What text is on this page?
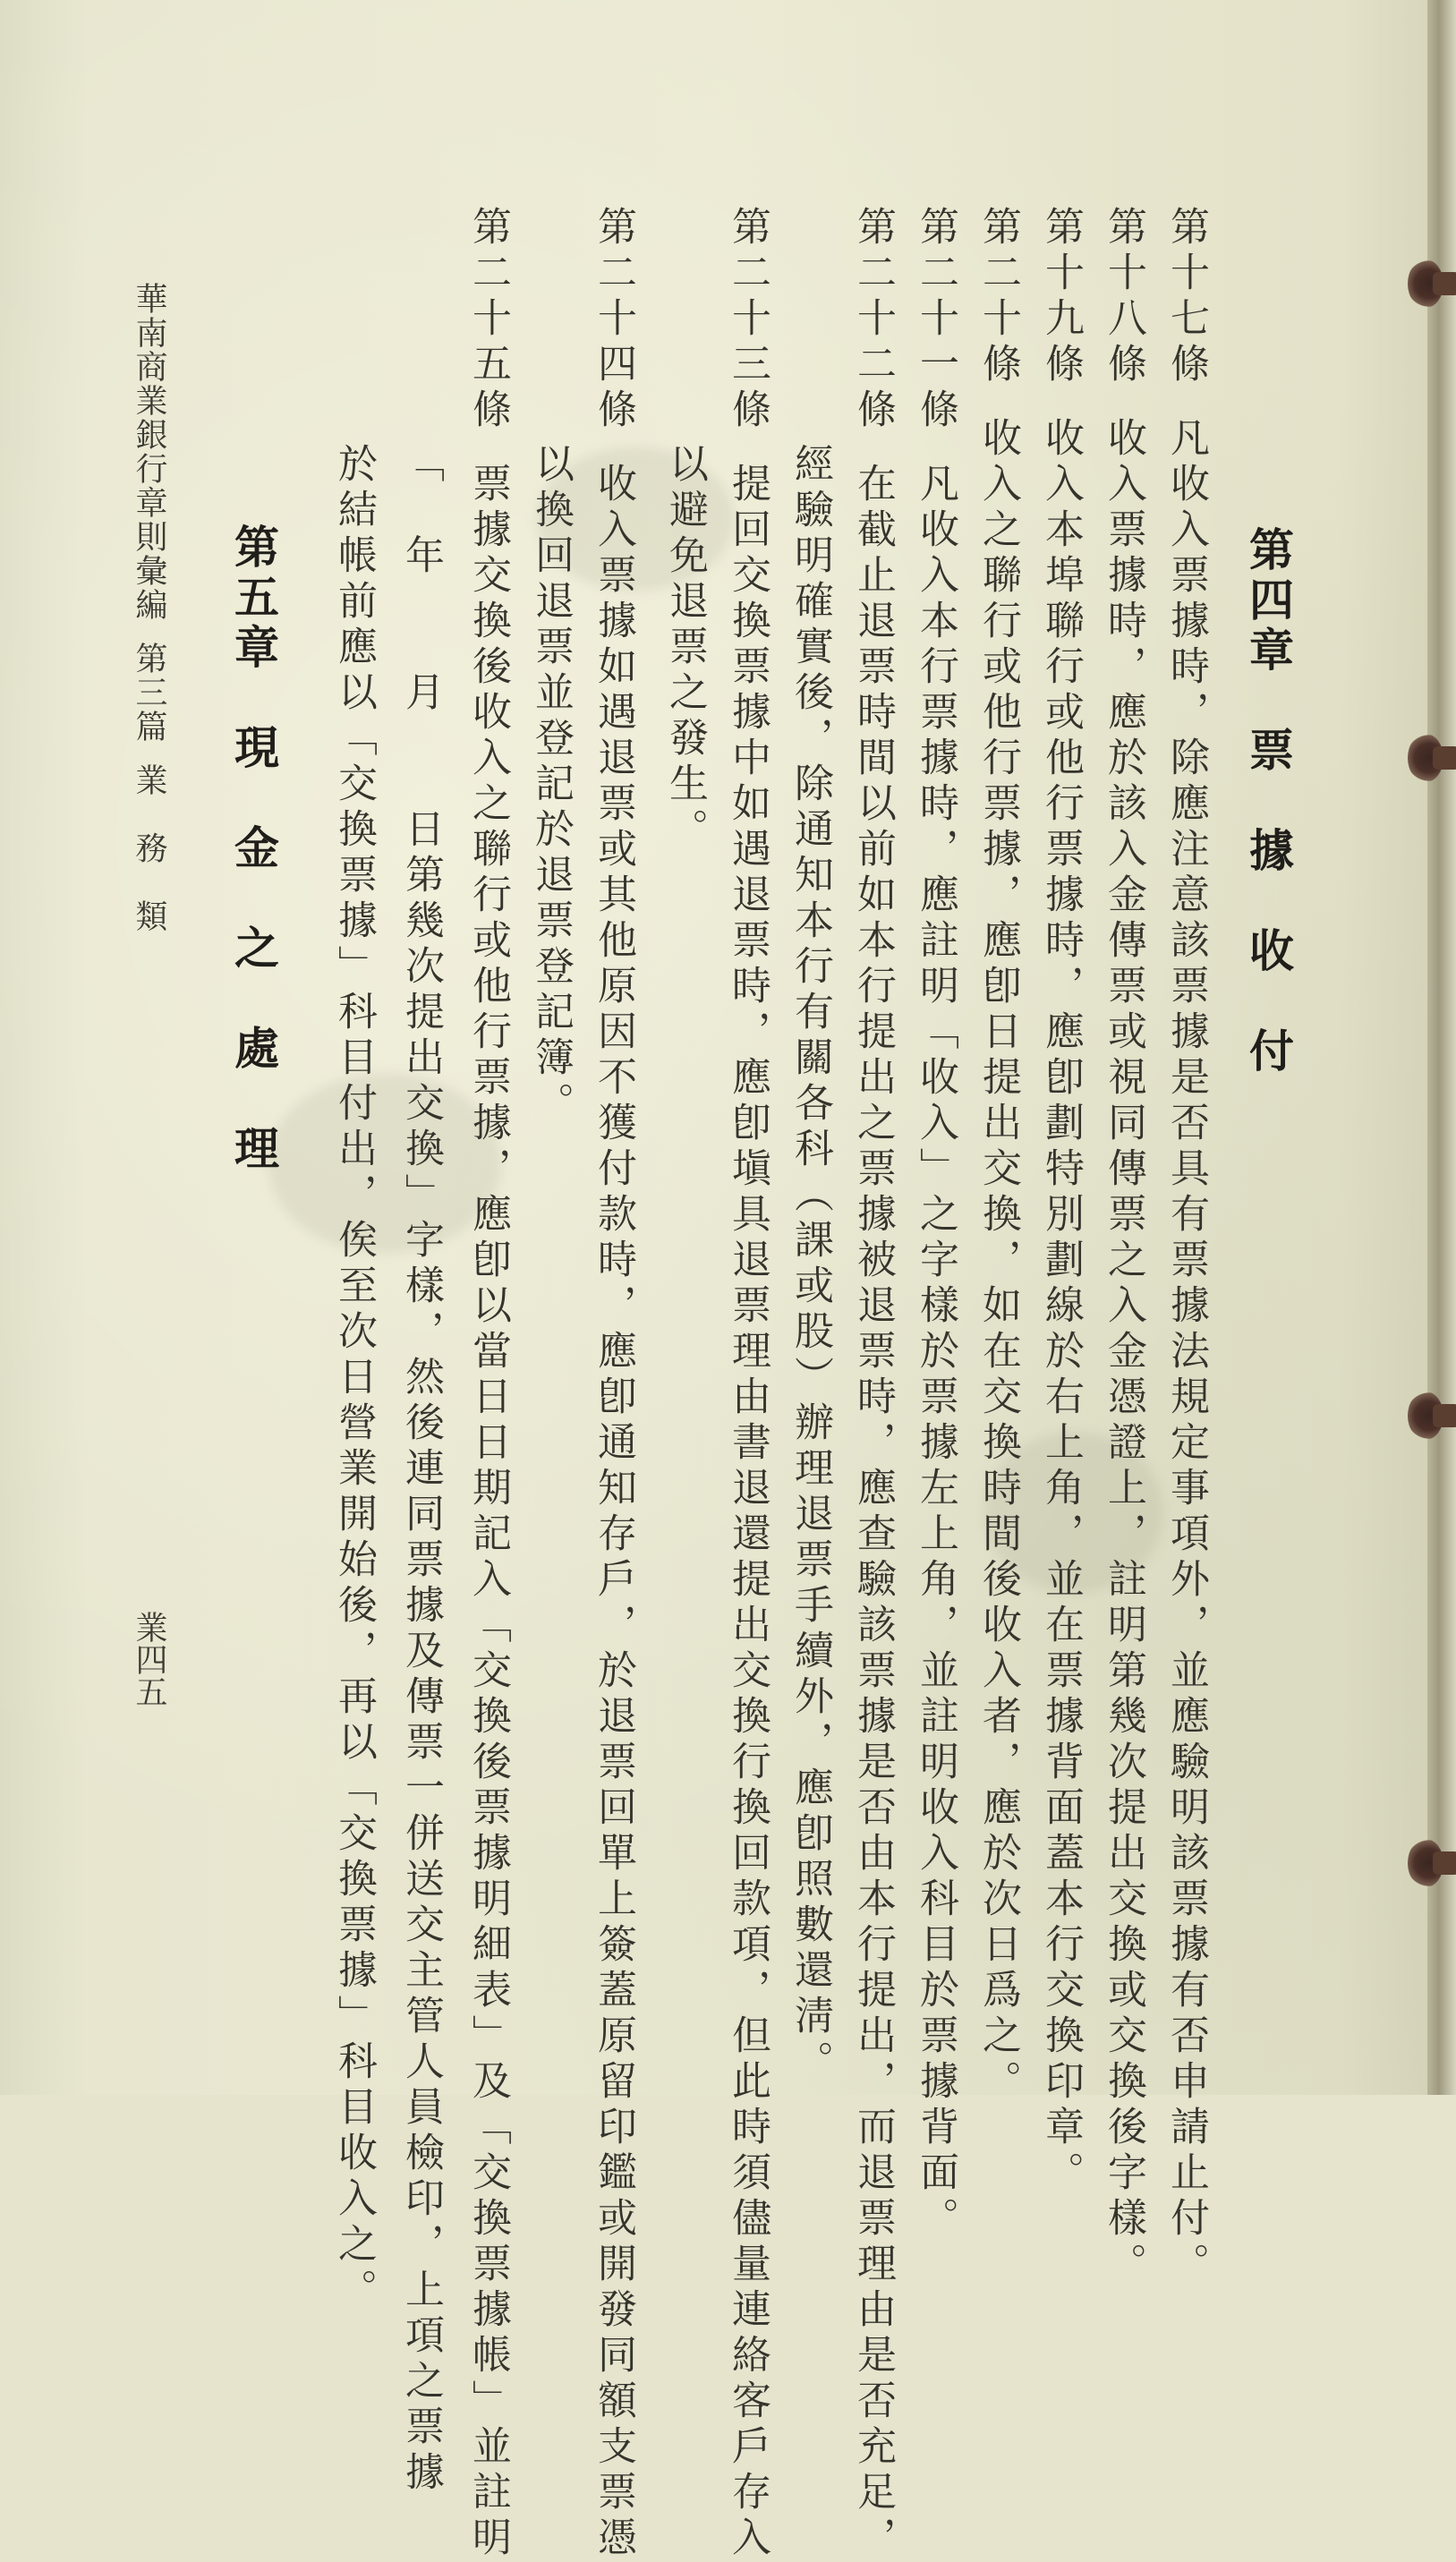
第四章　票　據　收　付
第十七條凡收入票據時，除應注意該票據是否具有票據法規定事項外，並應驗明該票據有否申請止付。
第十八條收入票據時，應於該入金傳票或視同傳票之入金憑證上，註明第幾次提出交換或交換後字樣。
第十九條收入本埠聯行或他行票據時，應卽劃特別劃線於右上角，並在票據背面蓋本行交換印章。
第二十條收入之聯行或他行票據，應卽日提出交換，如在交換時間後收入者，應於次日爲之。
第二十一條凡收入本行票據時，應註明「收入」之字樣於票據左上角，並註明收入科目於票據背面。
第二十二條在截止退票時間以前如本行提出之票據被退票時，應查驗該票據是否由本行提出，而退票理由是否充足，
經驗明確實後，除通知本行有關各科（課或股）辦理退票手續外，應卽照數還淸。
第二十三條提回交換票據中如遇退票時，應卽塡具退票理由書退還提出交換行換回款項，但此時須儘量連絡客戶存入
以避免退票之發生。
第二十四條收入票據如遇退票或其他原因不獲付款時，應卽通知存戶，於退票回單上簽蓋原留印鑑或開發同額支票憑
以換回退票並登記於退票登記簿。
第二十五條票據交換後收入之聯行或他行票據，應卽以當日日期記入「交換後票據明細表」及「交換票據帳」並註明
「　年　　月　　日第幾次提出交換」字樣，然後連同票據及傳票一併送交主管人員檢印，上項之票據
於結帳前應以「交換票據」科目付出，俟至次日營業開始後，再以「交換票據」科目收入之。
第五章　現　金　之　處　理
華南商業銀行章則彙編第三篇業　務　類
業四五
